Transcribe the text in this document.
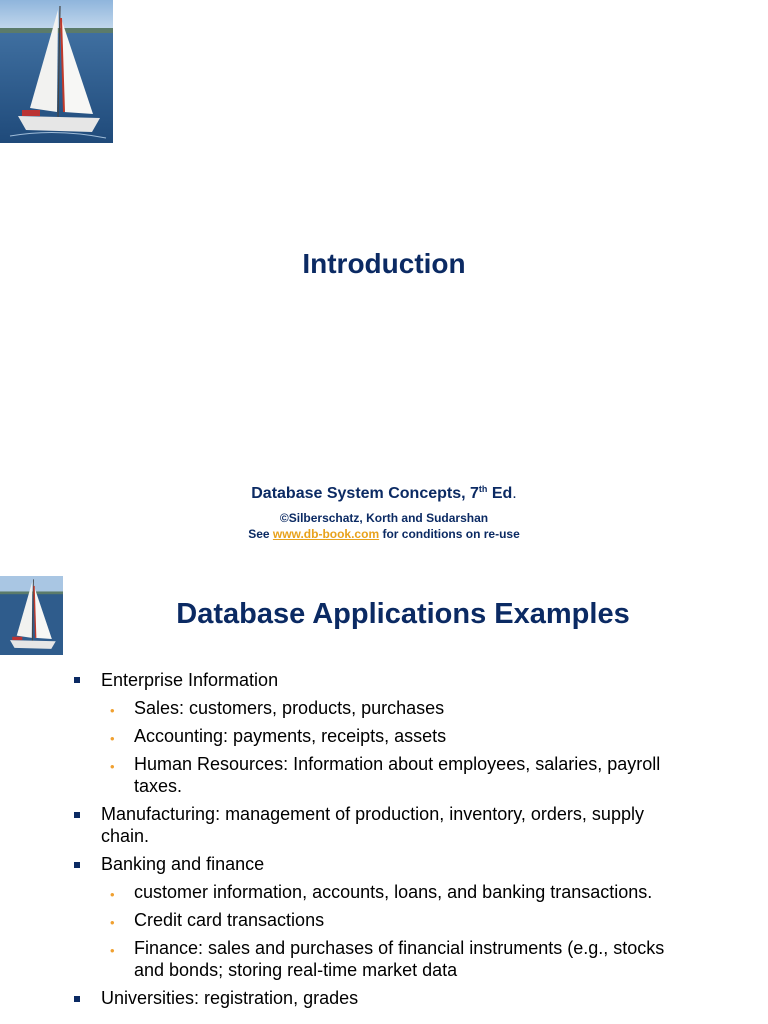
Introduction
Database System Concepts, 7th Ed.
©Silberschatz, Korth and Sudarshan
See www.db-book.com for conditions on re-use
Database Applications Examples
Enterprise Information
• Sales: customers, products, purchases
• Accounting: payments, receipts, assets
• Human Resources: Information about employees, salaries, payroll taxes.
Manufacturing: management of production, inventory, orders, supply chain.
Banking and finance
• customer information, accounts, loans, and banking transactions.
• Credit card transactions
• Finance: sales and purchases of financial instruments (e.g., stocks and bonds; storing real-time market data
Universities: registration, grades
